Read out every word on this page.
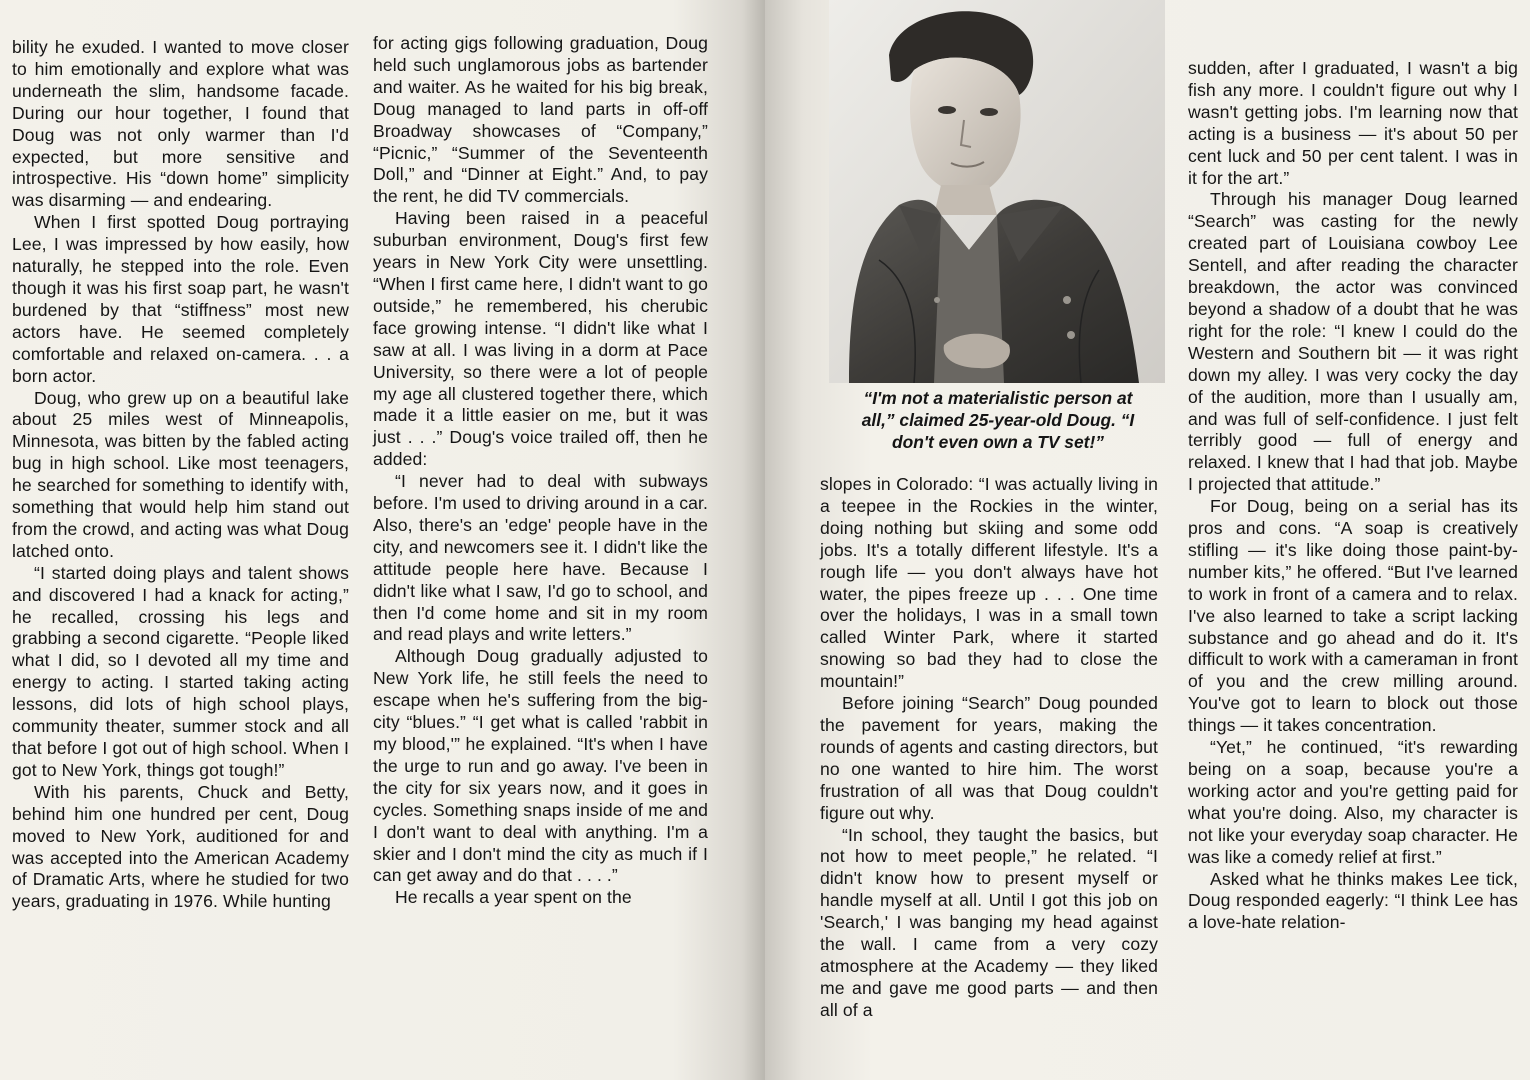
bility he exuded. I wanted to move closer to him emotionally and explore what was underneath the slim, handsome facade. During our hour together, I found that Doug was not only warmer than I'd expected, but more sensitive and introspective. His “down home” simplicity was disarming — and endearing.

When I first spotted Doug portraying Lee, I was impressed by how easily, how naturally, he stepped into the role. Even though it was his first soap part, he wasn't burdened by that “stiffness” most new actors have. He seemed completely comfortable and relaxed on-camera. . . a born actor.

Doug, who grew up on a beautiful lake about 25 miles west of Minneapolis, Minnesota, was bitten by the fabled acting bug in high school. Like most teenagers, he searched for something to identify with, something that would help him stand out from the crowd, and acting was what Doug latched onto.

“I started doing plays and talent shows and discovered I had a knack for acting,” he recalled, crossing his legs and grabbing a second cigarette. “People liked what I did, so I devoted all my time and energy to acting. I started taking acting lessons, did lots of high school plays, community theater, summer stock and all that before I got out of high school. When I got to New York, things got tough!”

With his parents, Chuck and Betty, behind him one hundred per cent, Doug moved to New York, auditioned for and was accepted into the American Academy of Dramatic Arts, where he studied for two years, graduating in 1976. While hunting

for acting gigs following graduation, Doug held such unglamorous jobs as bartender and waiter. As he waited for his big break, Doug managed to land parts in off-off Broadway showcases of “Company,” “Picnic,” “Summer of the Seventeenth Doll,” and “Dinner at Eight.” And, to pay the rent, he did TV commercials.

Having been raised in a peaceful suburban environment, Doug's first few years in New York City were unsettling. “When I first came here, I didn't want to go outside,” he remembered, his cherubic face growing intense. “I didn't like what I saw at all. I was living in a dorm at Pace University, so there were a lot of people my age all clustered together there, which made it a little easier on me, but it was just . . .” Doug's voice trailed off, then he added:

“I never had to deal with subways before. I'm used to driving around in a car. Also, there's an 'edge' people have in the city, and newcomers see it. I didn't like the attitude people here have. Because I didn't like what I saw, I'd go to school, and then I'd come home and sit in my room and read plays and write letters.”

Although Doug gradually adjusted to New York life, he still feels the need to escape when he's suffering from the big-city “blues.” “I get what is called 'rabbit in my blood,'” he explained. “It's when I have the urge to run and go away. I've been in the city for six years now, and it goes in cycles. Something snaps inside of me and I don't want to deal with anything. I'm a skier and I don't mind the city as much if I can get away and do that . . . .”

He recalls a year spent on the

“I'm not a materialistic person at
all,” claimed 25-year-old Doug. “I
don't even own a TV set!”

slopes in Colorado: “I was actually living in a teepee in the Rockies in the winter, doing nothing but skiing and some odd jobs. It's a totally different lifestyle. It's a rough life — you don't always have hot water, the pipes freeze up . . . One time over the holidays, I was in a small town called Winter Park, where it started snowing so bad they had to close the mountain!”

Before joining “Search” Doug pounded the pavement for years, making the rounds of agents and casting directors, but no one wanted to hire him. The worst frustration of all was that Doug couldn't figure out why.

“In school, they taught the basics, but not how to meet people,” he related. “I didn't know how to present myself or handle myself at all. Until I got this job on 'Search,' I was banging my head against the wall. I came from a very cozy atmosphere at the Academy — they liked me and gave me good parts — and then all of a

sudden, after I graduated, I wasn't a big fish any more. I couldn't figure out why I wasn't getting jobs. I'm learning now that acting is a business — it's about 50 per cent luck and 50 per cent talent. I was in it for the art.”

Through his manager Doug learned “Search” was casting for the newly created part of Louisiana cowboy Lee Sentell, and after reading the character breakdown, the actor was convinced beyond a shadow of a doubt that he was right for the role: “I knew I could do the Western and Southern bit — it was right down my alley. I was very cocky the day of the audition, more than I usually am, and was full of self-confidence. I just felt terribly good — full of energy and relaxed. I knew that I had that job. Maybe I projected that attitude.”

For Doug, being on a serial has its pros and cons. “A soap is creatively stifling — it's like doing those paint-by-number kits,” he offered. “But I've learned to work in front of a camera and to relax. I've also learned to take a script lacking substance and go ahead and do it. It's difficult to work with a cameraman in front of you and the crew milling around. You've got to learn to block out those things — it takes concentration.

“Yet,” he continued, “it's rewarding being on a soap, because you're a working actor and you're getting paid for what you're doing. Also, my character is not like your everyday soap character. He was like a comedy relief at first.”

Asked what he thinks makes Lee tick, Doug responded eagerly: “I think Lee has a love-hate relation-
